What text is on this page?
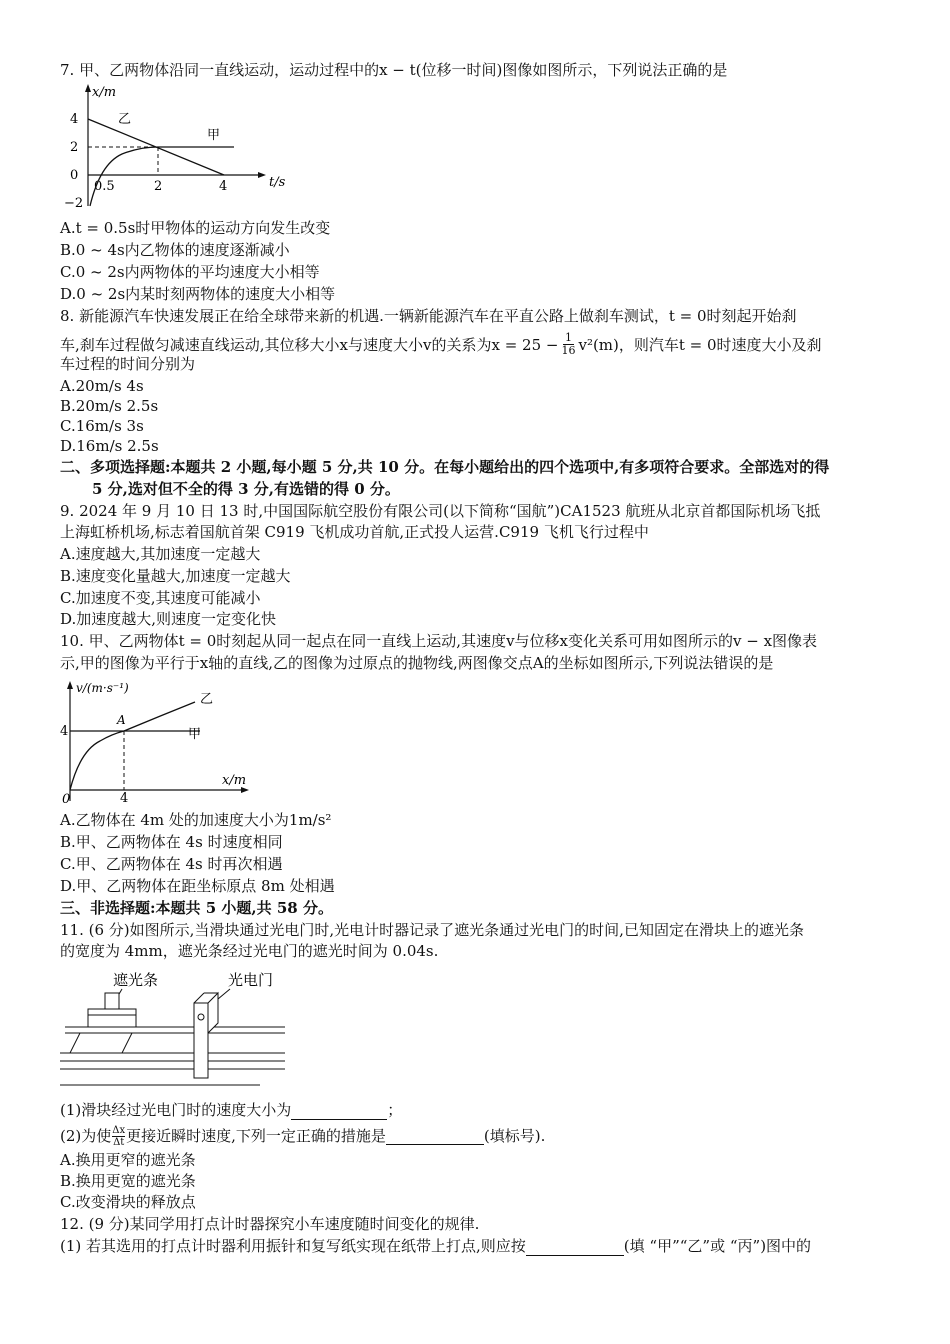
7. 甲、乙两物体沿同一直线运动，运动过程中的x − t(位移一时间)图像如图所示，下列说法正确的是
x/m
t/s
4
2
0
−2
0.5	2	4
乙
甲
A.t = 0.5s时甲物体的运动方向发生改变
B.0 ~ 4s内乙物体的速度逐渐减小
C.0 ~ 2s内两物体的平均速度大小相等
D.0 ~ 2s内某时刻两物体的速度大小相等
8. 新能源汽车快速发展正在给全球带来新的机遇.一辆新能源汽车在平直公路上做刹车测试，t = 0时刻起开始刹
车,刹车过程做匀减速直线运动,其位移大小x与速度大小v的关系为$x = 25 - \frac{1}{16} v^2(m)$，则汽车t = 0时速度大小及刹
车过程的时间分别为
A.20m/s 4s
B.20m/s 2.5s
C.16m/s 3s
D.16m/s 2.5s
二、多项选择题:本题共 2 小题,每小题 5 分,共 10 分。在每小题给出的四个选项中,有多项符合要求。全部选对的得
5 分,选对但不全的得 3 分,有选错的得 0 分。
9. 2024 年 9 月 10 日 13 时,中国国际航空股份有限公司(以下简称“国航”)CA1523 航班从北京首都国际机场飞抵
上海虹桥机场,标志着国航首架 C919 飞机成功首航,正式投人运营.C919 飞机飞行过程中
A.速度越大,其加速度一定越大
B.速度变化量越大,加速度一定越大
C.加速度不变,其速度可能减小
D.加速度越大,则速度一定变化快
10. 甲、乙两物体t = 0时刻起从同一起点在同一直线上运动,其速度v与位移x变化关系可用如图所示的v − x图像表
示,甲的图像为平行于x轴的直线,乙的图像为过原点的抛物线,两图像交点A的坐标如图所示,下列说法错误的是
v/(m·s⁻¹)
x/m
4
4
0
甲
乙
A
A.乙物体在 4m 处的加速度大小为1m/s²
B.甲、乙两物体在 4s 时速度相同
C.甲、乙两物体在 4s 时再次相遇
D.甲、乙两物体在距坐标原点 8m 处相遇
三、非选择题:本题共 5 小题,共 58 分。
11. (6 分)如图所示,当滑块通过光电门时,光电计时器记录了遮光条通过光电门的时间,已知固定在滑块上的遮光条
的宽度为 4mm，遮光条经过光电门的遮光时间为 0.04s.
遮光条	光电门
(1)滑块经过光电门时的速度大小为	；
(2)为使 $\frac{\Delta x}{\Delta t}$ 更接近瞬时速度,下列一定正确的措施是	(填标号).
A.换用更窄的遮光条
B.换用更宽的遮光条
C.改变滑块的释放点
12. (9 分)某同学用打点计时器探究小车速度随时间变化的规律.
(1) 若其选用的打点计时器利用振针和复写纸实现在纸带上打点,则应按	(填 “甲”“乙”或 “丙”)图中的
